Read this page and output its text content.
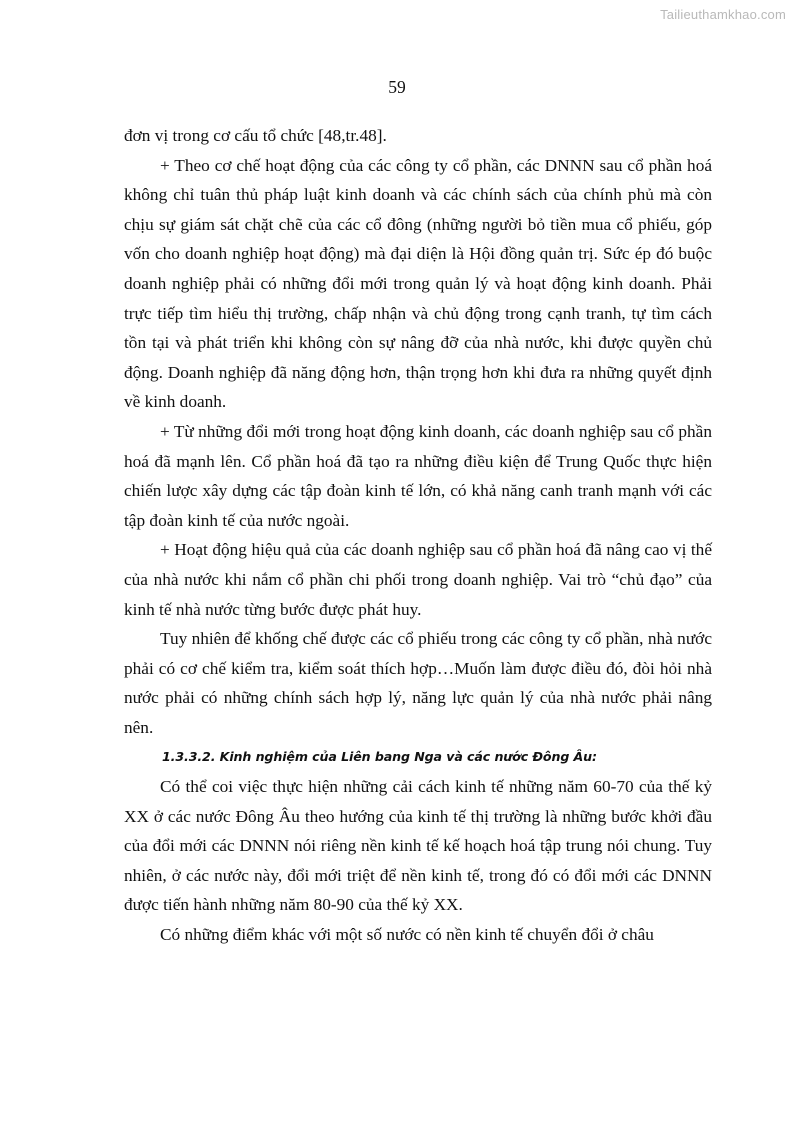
Tailieuthamkhao.com
59

đơn vị trong cơ cấu tổ chức [48,tr.48].

+ Theo cơ chế hoạt động của các công ty cổ phần, các DNNN sau cổ phần hoá không chỉ tuân thủ pháp luật kinh doanh và các chính sách của chính phủ mà còn chịu sự giám sát chặt chẽ của các cổ đông (những người bỏ tiền mua cổ phiếu, góp vốn cho doanh nghiệp hoạt động) mà đại diện là Hội đồng quản trị. Sức ép đó buộc doanh nghiệp phải có những đổi mới trong quản lý và hoạt động kinh doanh. Phải trực tiếp tìm hiểu thị trường, chấp nhận và chủ động trong cạnh tranh, tự tìm cách tồn tại và phát triển khi không còn sự nâng đỡ của nhà nước, khi được quyền chủ động. Doanh nghiệp đã năng động hơn, thận trọng hơn khi đưa ra những quyết định về kinh doanh.

+ Từ những đổi mới trong hoạt động kinh doanh, các doanh nghiệp sau cổ phần hoá đã mạnh lên. Cổ phần hoá đã tạo ra những điều kiện để Trung Quốc thực hiện chiến lược xây dựng các tập đoàn kinh tế lớn, có khả năng canh tranh mạnh với các tập đoàn kinh tế của nước ngoài.

+ Hoạt động hiệu quả của các doanh nghiệp sau cổ phần hoá đã nâng cao vị thế của nhà nước khi nắm cổ phần chi phối trong doanh nghiệp. Vai trò “chủ đạo” của kinh tế nhà nước từng bước được phát huy.

Tuy nhiên để khống chế được các cổ phiếu trong các công ty cổ phần, nhà nước phải có cơ chế kiểm tra, kiểm soát thích hợp…Muốn làm được điều đó, đòi hỏi nhà nước phải có những chính sách hợp lý, năng lực quản lý của nhà nước phải nâng nên.

1.3.3.2. Kinh nghiệm của Liên bang Nga và các nước Đông Âu:

Có thể coi việc thực hiện những cải cách kinh tế những năm 60-70 của thế kỷ XX ở các nước Đông Âu theo hướng của kinh tế thị trường là những bước khởi đầu của đổi mới các DNNN nói riêng nền kinh tế kế hoạch hoá tập trung nói chung. Tuy nhiên, ở các nước này, đổi mới triệt để nền kinh tế, trong đó có đổi mới các DNNN được tiến hành những năm 80-90 của thế kỷ XX.

Có những điểm khác với một số nước có nền kinh tế chuyển đổi ở châu
